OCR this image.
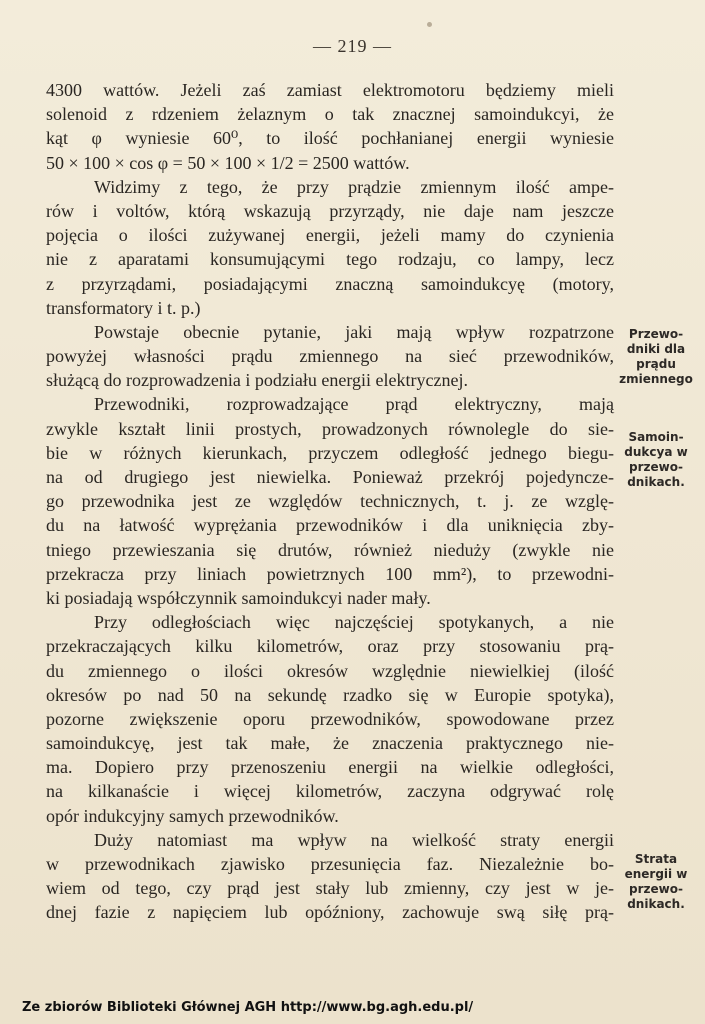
— 219 —
4300 wattów. Jeżeli zaś zamiast elektromotoru będziemy mieli
solenoid z rdzeniem żelaznym o tak znacznej samoindukcyi, że
kąt φ wyniesie 60⁰, to ilość pochłanianej energii wyniesie
50 × 100 × cos φ = 50 × 100 × 1/2 = 2500 wattów.
Widzimy z tego, że przy prądzie zmiennym ilość ampe-
rów i voltów, którą wskazują przyrządy, nie daje nam jeszcze
pojęcia o ilości zużywanej energii, jeżeli mamy do czynienia
nie z aparatami konsumującymi tego rodzaju, co lampy, lecz
z przyrządami, posiadającymi znaczną samoindukcyę (motory,
transformatory i t. p.)
Powstaje obecnie pytanie, jaki mają wpływ rozpatrzone
powyżej własności prądu zmiennego na sieć przewodników,
służącą do rozprowadzenia i podziału energii elektrycznej.
Przewodniki, rozprowadzające prąd elektryczny, mają
zwykle kształt linii prostych, prowadzonych równolegle do sie-
bie w różnych kierunkach, przyczem odległość jednego biegu-
na od drugiego jest niewielka. Ponieważ przekrój pojedyncze-
go przewodnika jest ze względów technicznych, t. j. ze wzglę-
du na łatwość wyprężania przewodników i dla uniknięcia zby-
tniego przewieszania się drutów, również nieduży (zwykle nie
przekracza przy liniach powietrznych 100 mm²), to przewodni-
ki posiadają współczynnik samoindukcyi nader mały.
Przy odległościach więc najczęściej spotykanych, a nie
przekraczających kilku kilometrów, oraz przy stosowaniu prą-
du zmiennego o ilości okresów względnie niewielkiej (ilość
okresów po nad 50 na sekundę rzadko się w Europie spotyka),
pozorne zwiększenie oporu przewodników, spowodowane przez
samoindukcyę, jest tak małe, że znaczenia praktycznego nie-
ma. Dopiero przy przenoszeniu energii na wielkie odległości,
na kilkanaście i więcej kilometrów, zaczyna odgrywać rolę
opór indukcyjny samych przewodników.
Duży natomiast ma wpływ na wielkość straty energii
w przewodnikach zjawisko przesunięcia faz. Niezależnie bo-
wiem od tego, czy prąd jest stały lub zmienny, czy jest w je-
dnej fazie z napięciem lub opóźniony, zachowuje swą siłę prą-
Przewo-
dniki dla
prądu
zmiennego
Samoin-
dukcya w
przewo-
dnikach.
Strata
energii w
przewo-
dnikach.
Ze zbiorów Biblioteki Głównej AGH http://www.bg.agh.edu.pl/
